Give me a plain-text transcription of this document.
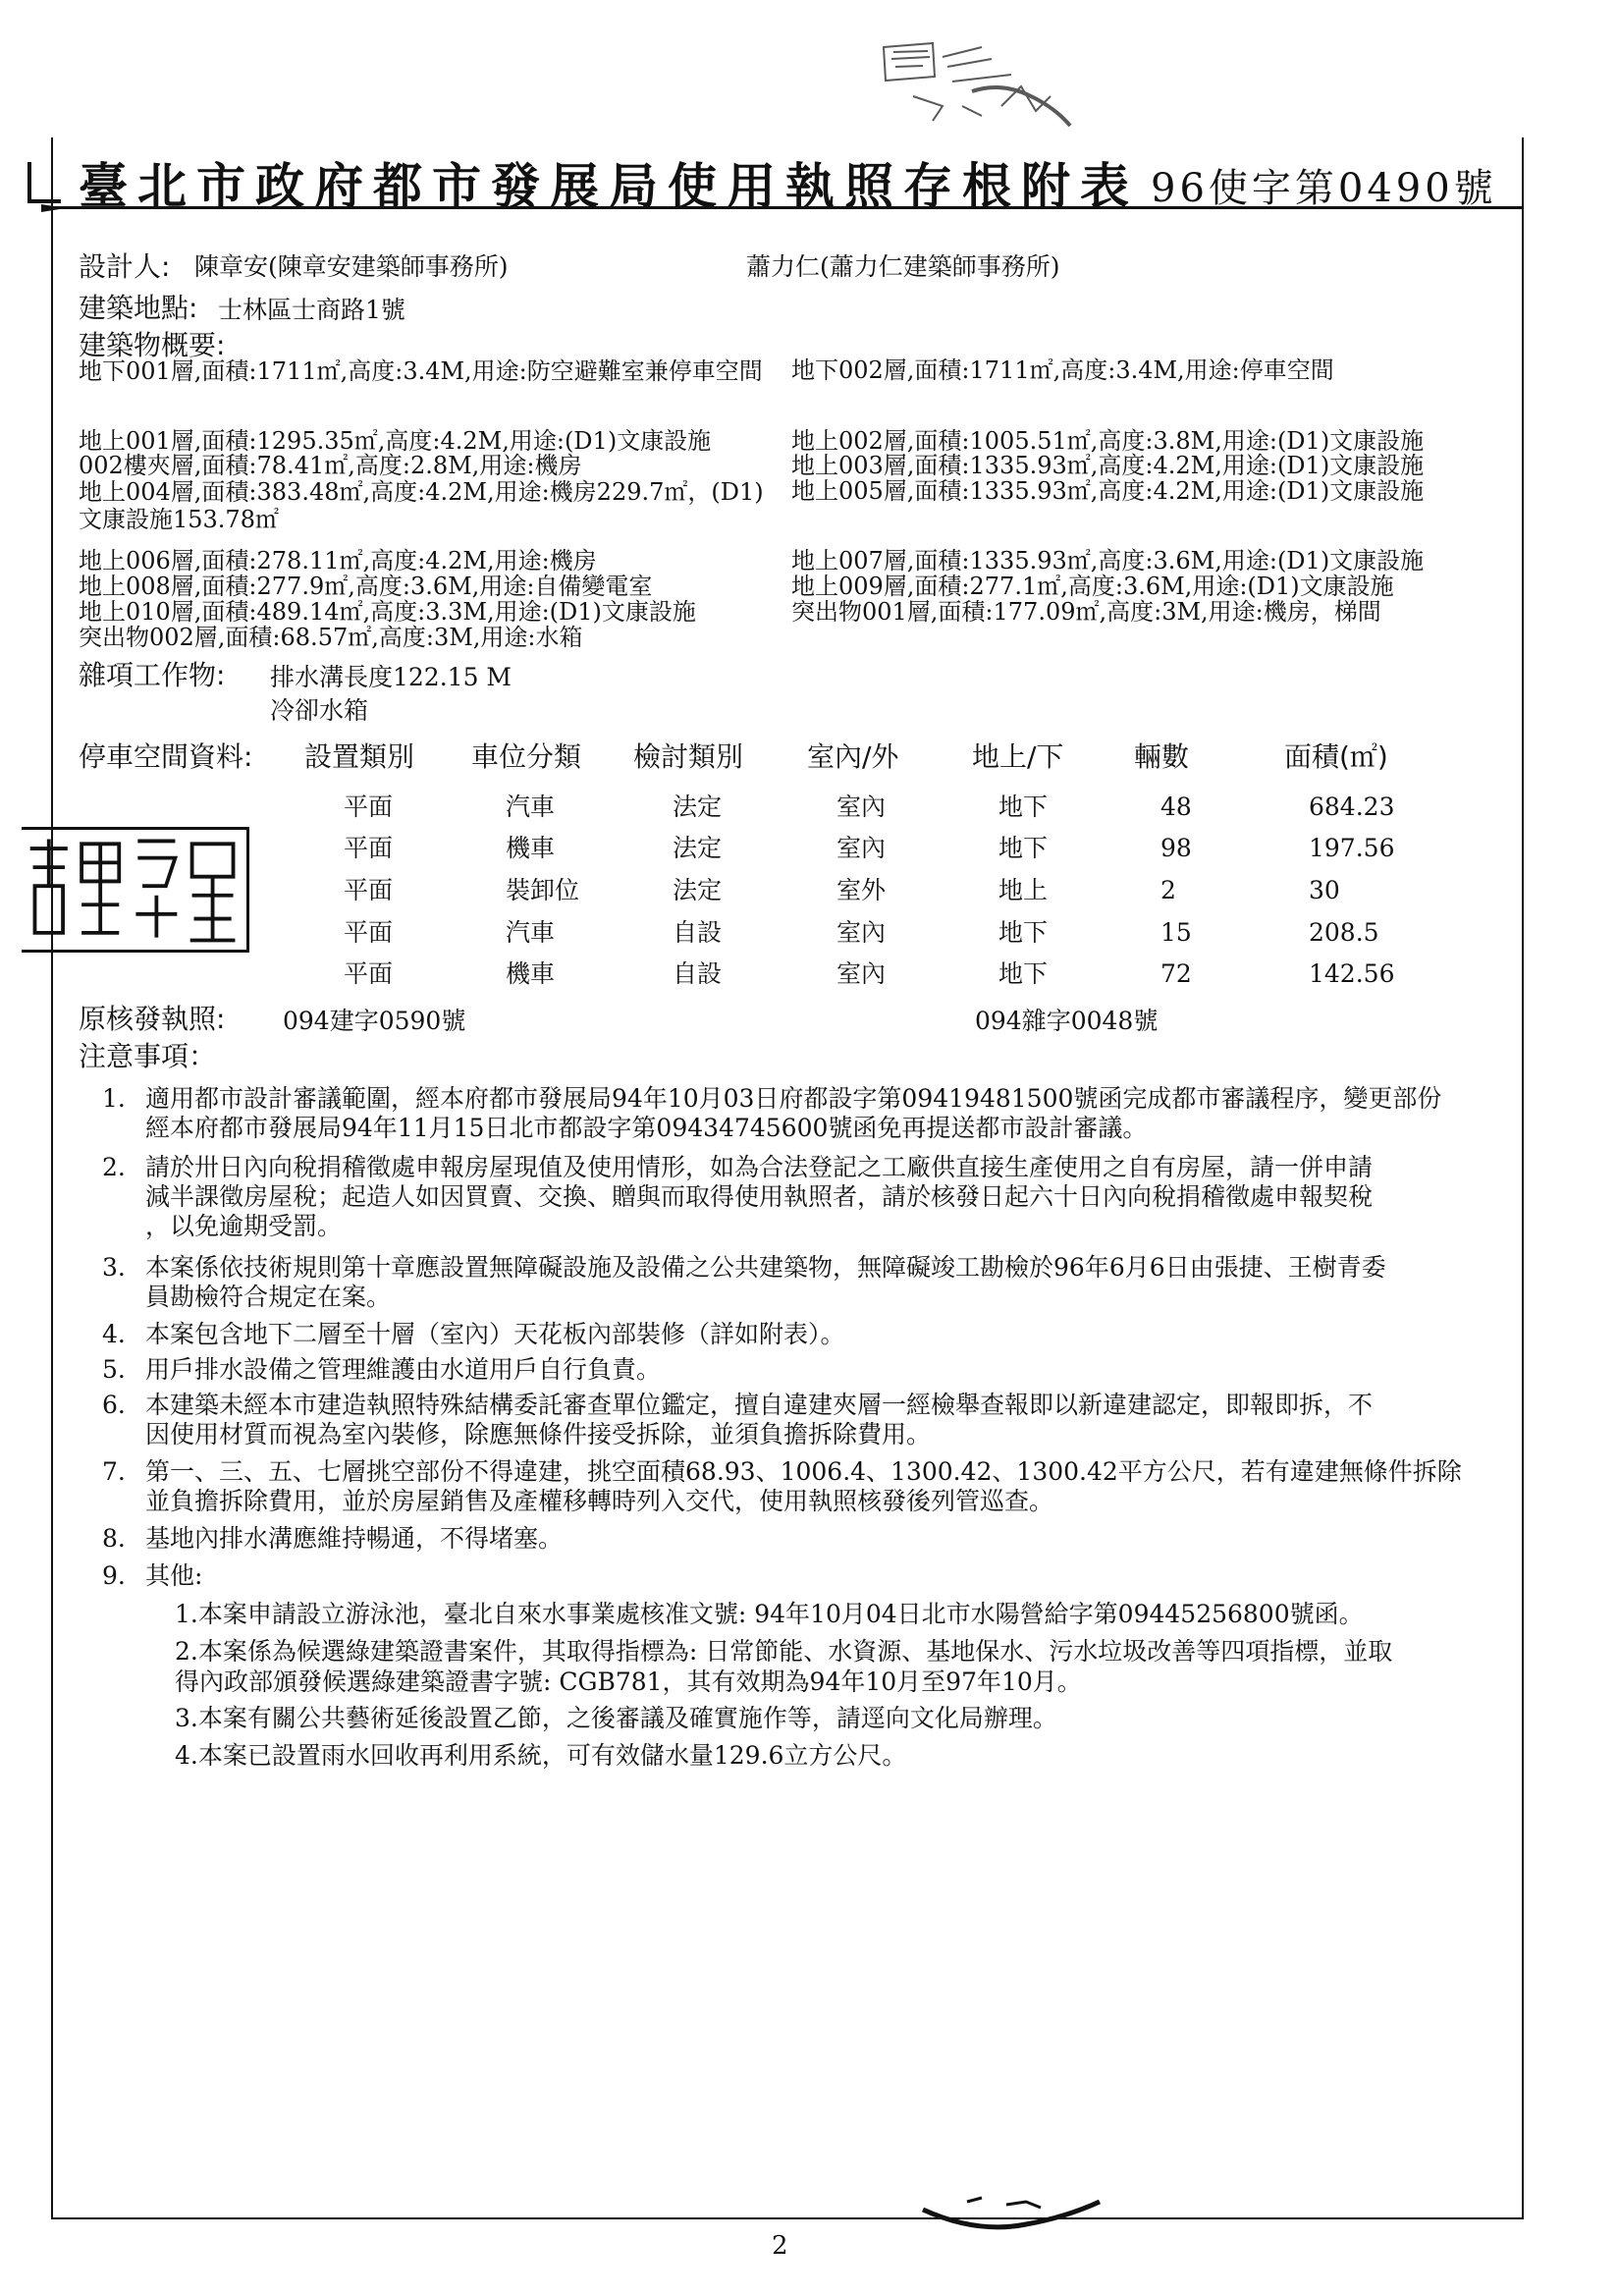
臺北市政府都市發展局使用執照存根附表 96使字第0490號
設計人: 陳章安(陳章安建築師事務所)	蕭力仁(蕭力仁建築師事務所)
建築地點: 士林區士商路1號
建築物概要:
地下001層,面積:1711㎡,高度:3.4M,用途:防空避難室兼停車空間	地下002層,面積:1711㎡,高度:3.4M,用途:停車空間
地上001層,面積:1295.35㎡,高度:4.2M,用途:(D1)文康設施	地上002層,面積:1005.51㎡,高度:3.8M,用途:(D1)文康設施
002樓夾層,面積:78.41㎡,高度:2.8M,用途:機房	地上003層,面積:1335.93㎡,高度:4.2M,用途:(D1)文康設施
地上004層,面積:383.48㎡,高度:4.2M,用途:機房229.7㎡，(D1)文康設施153.78㎡
地上005層,面積:1335.93㎡,高度:4.2M,用途:(D1)文康設施
地上006層,面積:278.11㎡,高度:4.2M,用途:機房	地上007層,面積:1335.93㎡,高度:3.6M,用途:(D1)文康設施
地上008層,面積:277.9㎡,高度:3.6M,用途:自備變電室	地上009層,面積:277.1㎡,高度:3.6M,用途:(D1)文康設施
地上010層,面積:489.14㎡,高度:3.3M,用途:(D1)文康設施	突出物001層,面積:177.09㎡,高度:3M,用途:機房，梯間
突出物002層,面積:68.57㎡,高度:3M,用途:水箱
雜項工作物: 排水溝長度122.15 M
冷卻水箱
停車空間資料: 設置類別 車位分類 檢討類別 室內/外	地上/下	輛數	面積(㎡)
平面	汽車	法定	室內	地下	48	684.23
平面	機車	法定	室內	地下	98	197.56
平面	裝卸位	法定	室外	地上	2	30
平面	汽車	自設	室內	地下	15	208.5
平面	機車	自設	室內	地下	72	142.56
原核發執照: 094建字0590號	094雜字0048號
注意事項：
1. 適用都市設計審議範圍，經本府都市發展局94年10月03日府都設字第09419481500號函完成都市審議程序，變更部份
經本府都市發展局94年11月15日北市都設字第09434745600號函免再提送都市設計審議。
2. 請於卅日內向稅捐稽徵處申報房屋現值及使用情形，如為合法登記之工廠供直接生產使用之自有房屋，請一併申請
減半課徵房屋稅；起造人如因買賣、交換、贈與而取得使用執照者，請於核發日起六十日內向稅捐稽徵處申報契稅
，以免逾期受罰。
3. 本案係依技術規則第十章應設置無障礙設施及設備之公共建築物，無障礙竣工勘檢於96年6月6日由張捷、王樹青委
員勘檢符合規定在案。
4. 本案包含地下二層至十層（室內）天花板內部裝修（詳如附表）。
5. 用戶排水設備之管理維護由水道用戶自行負責。
6. 本建築未經本市建造執照特殊結構委託審查單位鑑定，擅自違建夾層一經檢舉查報即以新違建認定，即報即拆，不
因使用材質而視為室內裝修，除應無條件接受拆除，並須負擔拆除費用。
7. 第一、三、五、七層挑空部份不得違建，挑空面積68.93、1006.4、1300.42、1300.42平方公尺，若有違建無條件拆除
並負擔拆除費用，並於房屋銷售及產權移轉時列入交代，使用執照核發後列管巡查。
8. 基地內排水溝應維持暢通，不得堵塞。
9. 其他:
1.本案申請設立游泳池，臺北自來水事業處核准文號: 94年10月04日北市水陽營給字第09445256800號函。
2.本案係為候選綠建築證書案件，其取得指標為: 日常節能、水資源、基地保水、污水垃圾改善等四項指標，並取
得內政部頒發候選綠建築證書字號: CGB781，其有效期為94年10月至97年10月。
3.本案有關公共藝術延後設置乙節，之後審議及確實施作等，請逕向文化局辦理。
4.本案已設置雨水回收再利用系統，可有效儲水量129.6立方公尺。
2
